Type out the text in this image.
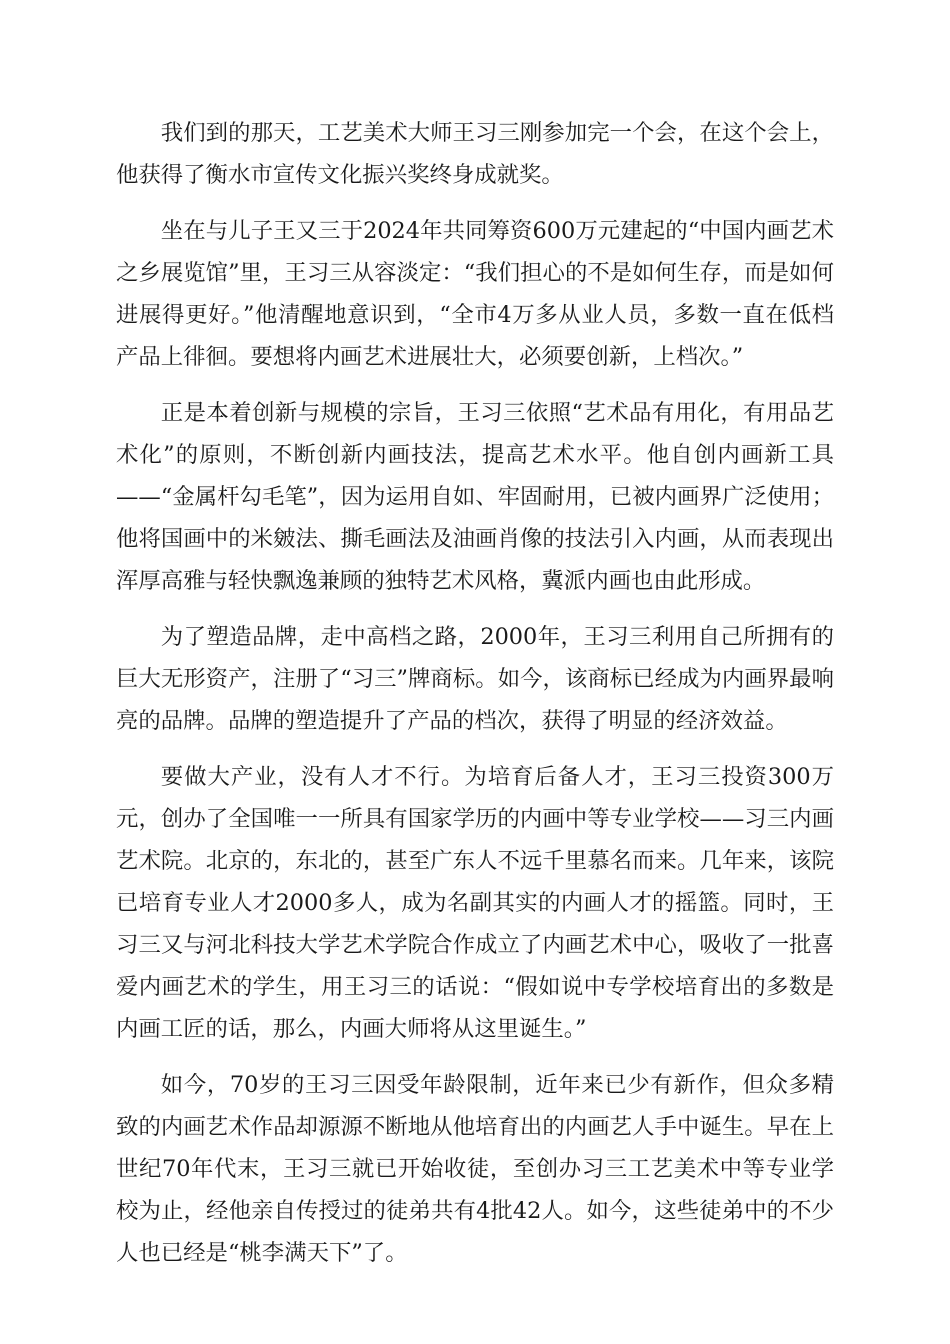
我们到的那天，工艺美术大师王习三刚参加完一个会，在这个会上，他获得了衡水市宣传文化振兴奖终身成就奖。

坐在与儿子王又三于2024年共同筹资600万元建起的“中国内画艺术之乡展览馆”里，王习三从容淡定：“我们担心的不是如何生存，而是如何进展得更好。”他清醒地意识到，“全市4万多从业人员，多数一直在低档产品上徘徊。要想将内画艺术进展壮大，必须要创新，上档次。”

正是本着创新与规模的宗旨，王习三依照“艺术品有用化，有用品艺术化”的原则，不断创新内画技法，提高艺术水平。他自创内画新工具——“金属杆勾毛笔”，因为运用自如、牢固耐用，已被内画界广泛使用；他将国画中的米皴法、撕毛画法及油画肖像的技法引入内画，从而表现出浑厚高雅与轻快飘逸兼顾的独特艺术风格，冀派内画也由此形成。

为了塑造品牌，走中高档之路，2000年，王习三利用自己所拥有的巨大无形资产，注册了“习三”牌商标。如今，该商标已经成为内画界最响亮的品牌。品牌的塑造提升了产品的档次，获得了明显的经济效益。

要做大产业，没有人才不行。为培育后备人才，王习三投资300万元，创办了全国唯一一所具有国家学历的内画中等专业学校——习三内画艺术院。北京的，东北的，甚至广东人不远千里慕名而来。几年来，该院已培育专业人才2000多人，成为名副其实的内画人才的摇篮。同时，王习三又与河北科技大学艺术学院合作成立了内画艺术中心，吸收了一批喜爱内画艺术的学生，用王习三的话说：“假如说中专学校培育出的多数是内画工匠的话，那么，内画大师将从这里诞生。”

如今，70岁的王习三因受年龄限制，近年来已少有新作，但众多精致的内画艺术作品却源源不断地从他培育出的内画艺人手中诞生。早在上世纪70年代末，王习三就已开始收徒，至创办习三工艺美术中等专业学校为止，经他亲自传授过的徒弟共有4批42人。如今，这些徒弟中的不少人也已经是“桃李满天下”了。
